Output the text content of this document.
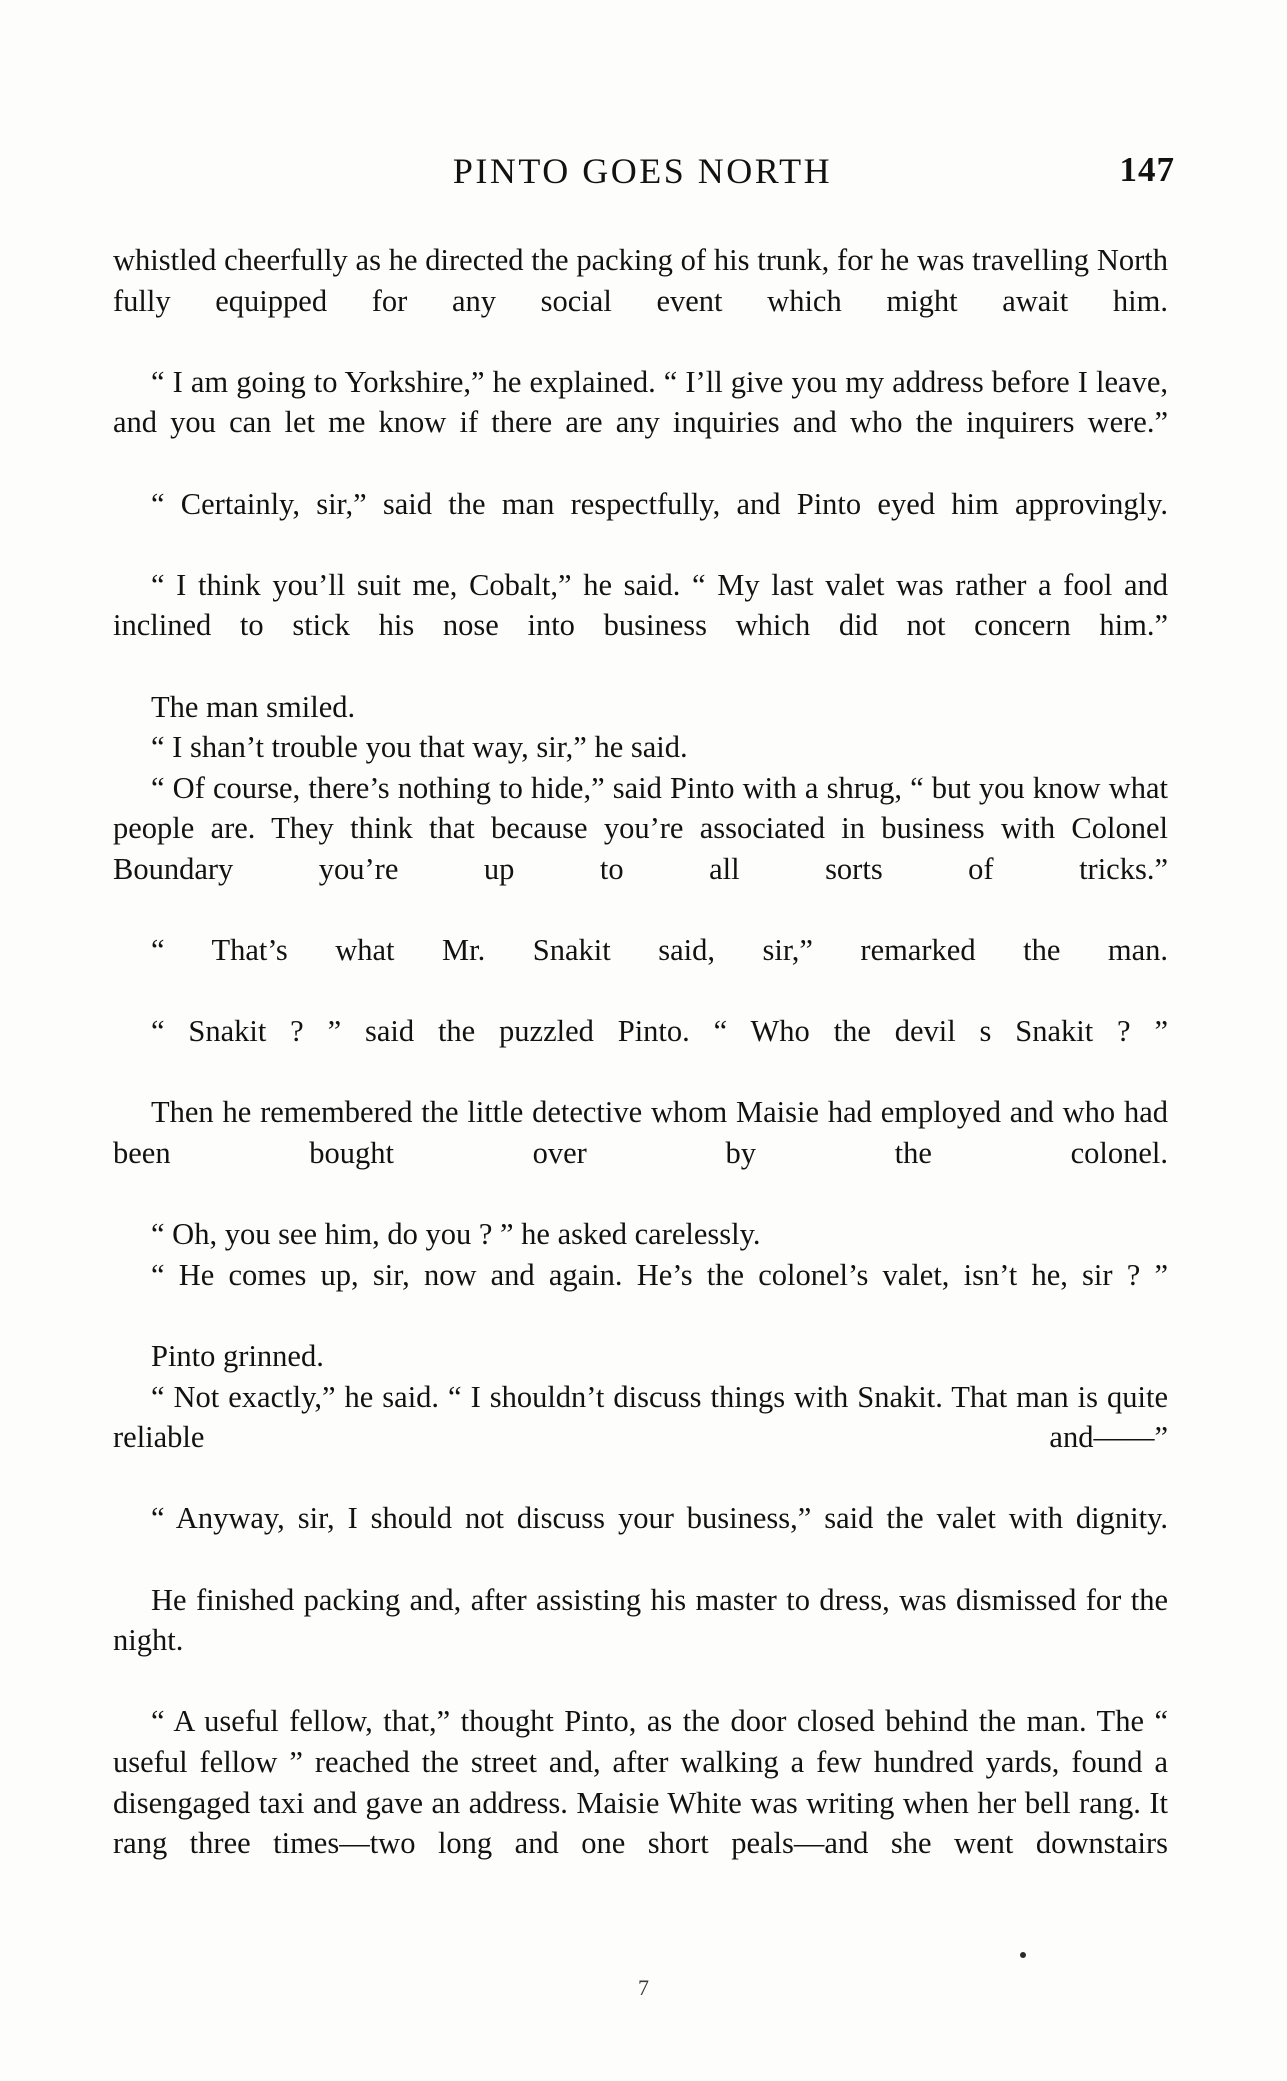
PINTO GOES NORTH	147

whistled cheerfully as he directed the packing of his trunk, for he was travelling North fully equipped for any social event which might await him.

“ I am going to Yorkshire,” he explained. “ I’ll give you my address before I leave, and you can let me know if there are any inquiries and who the inquirers were.”

“ Certainly, sir,” said the man respectfully, and Pinto eyed him approvingly.

“ I think you’ll suit me, Cobalt,” he said. “ My last valet was rather a fool and inclined to stick his nose into business which did not concern him.”

The man smiled.

“ I shan’t trouble you that way, sir,” he said.

“ Of course, there’s nothing to hide,” said Pinto with a shrug, “ but you know what people are. They think that because you’re associated in business with Colonel Boundary you’re up to all sorts of tricks.”

“ That’s what Mr. Snakit said, sir,” remarked the man.

“ Snakit ? ” said the puzzled Pinto. “ Who the devil s Snakit ? ”

Then he remembered the little detective whom Maisie had employed and who had been bought over by the colonel.

“ Oh, you see him, do you ? ” he asked carelessly.

“ He comes up, sir, now and again. He’s the colonel’s valet, isn’t he, sir ? ”

Pinto grinned.

“ Not exactly,” he said. “ I shouldn’t discuss things with Snakit. That man is quite reliable and——”

“ Anyway, sir, I should not discuss your business,” said the valet with dignity.

He finished packing and, after assisting his master to dress, was dismissed for the night.

“ A useful fellow, that,” thought Pinto, as the door closed behind the man. The “ useful fellow ” reached the street and, after walking a few hundred yards, found a disengaged taxi and gave an address. Maisie White was writing when her bell rang. It rang three times—two long and one short peals—and she went downstairs

7
